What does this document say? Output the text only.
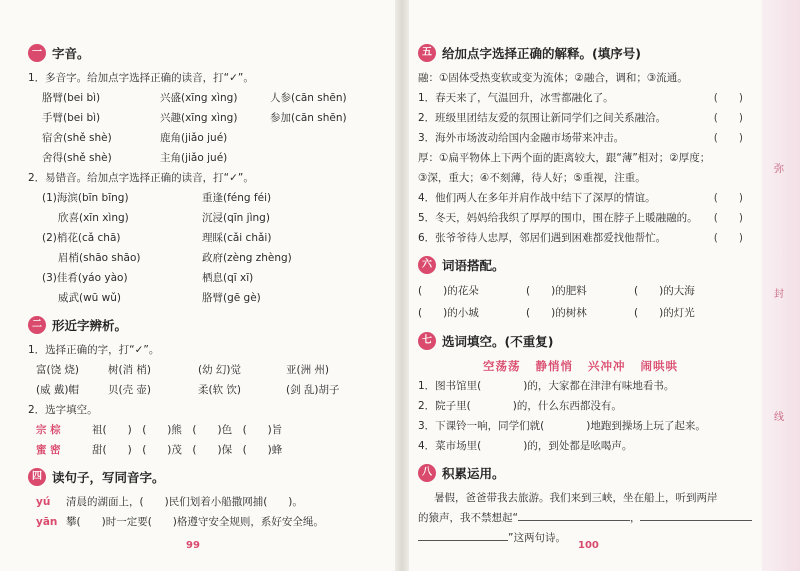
一 字音。
1．多音字。给加点字选择正确的读音，打“✓”。
胳臂(bei bì)	兴盛(xīng xìng)	人参(cān shēn)
手臂(bei bì)	兴趣(xīng xìng)	参加(cān shēn)
宿舍(shě shè)	鹿角(jiǎo jué)
舍得(shě shè)	主角(jiǎo jué)
2．易错音。给加点字选择正确的读音，打“✓”。
(1)海滨(bīn bīng)	重逢(féng féi)
欣喜(xīn xìng)	沉浸(qīn jìng)
(2)梢花(cǎ chā)	理睬(cǎi chǎi)
眉梢(shāo shāo)	政府(zèng zhèng)
(3)佳肴(yáo yào)	栖息(qī xī)
威武(wū wǔ)	胳臂(gē gè)
二 形近字辨析。
1．选择正确的字，打“✓”。
富(饶 烧)	树(消 梢)	(幼 幻)觉	亚(洲 州)
(威 戴)帽	贝(壳 壶)	柔(软 饮)	(剑 乱)胡子
2．选字填空。
宗 棕	祖(　　)　(　　)熊　(　　)色　(　　)旨
蜜 密	甜(　　)　(　　)茂　(　　)保　(　　)蜂
四 读句子，写同音字。
yú	清晨的湖面上，(　　)民们划着小船撒网捕(　　)。
yān 攀(　　)时一定要(　　)格遵守安全规则，系好安全绳。
99
五 给加点字选择正确的解释。(填序号)
融：①固体受热变软或变为流体；②融合，调和；③流通。
1．春天来了，气温回升，冰雪都融化了。	(　　)
2．班级里团结友爱的氛围让新同学们之间关系融洽。	(　　)
3．海外市场波动给国内金融市场带来冲击。	(　　)
厚：①扁平物体上下两个面的距离较大，跟“薄”相对；②厚度；
③深，重大；④不刻薄，待人好；⑤重视，注重。
4．他们两人在多年并肩作战中结下了深厚的情谊。	(　　)
5．冬天，妈妈给我织了厚厚的围巾，围在脖子上暖融融的。 (　　)
6．张爷爷待人忠厚，邻居们遇到困难都爱找他帮忙。	(　　)
六 词语搭配。
(　　)的花朵	(　　)的肥料	(　　)的大海
(　　)的小城	(　　)的树林	(　　)的灯光
七 选词填空。(不重复)
空荡荡 静悄悄 兴冲冲 闹哄哄
1．图书馆里(　　　　)的，大家都在津津有味地看书。
2．院子里(　　　　)的，什么东西都没有。
3．下课铃一响，同学们就(　　　　)地跑到操场上玩了起来。
4．菜市场里(　　　　)的，到处都是吆喝声。
八 积累运用。
暑假，爸爸带我去旅游。我们来到三峡，坐在船上，听到两岸
的猿声，我不禁想起“	，
”这两句诗。
100
弥
封
线
